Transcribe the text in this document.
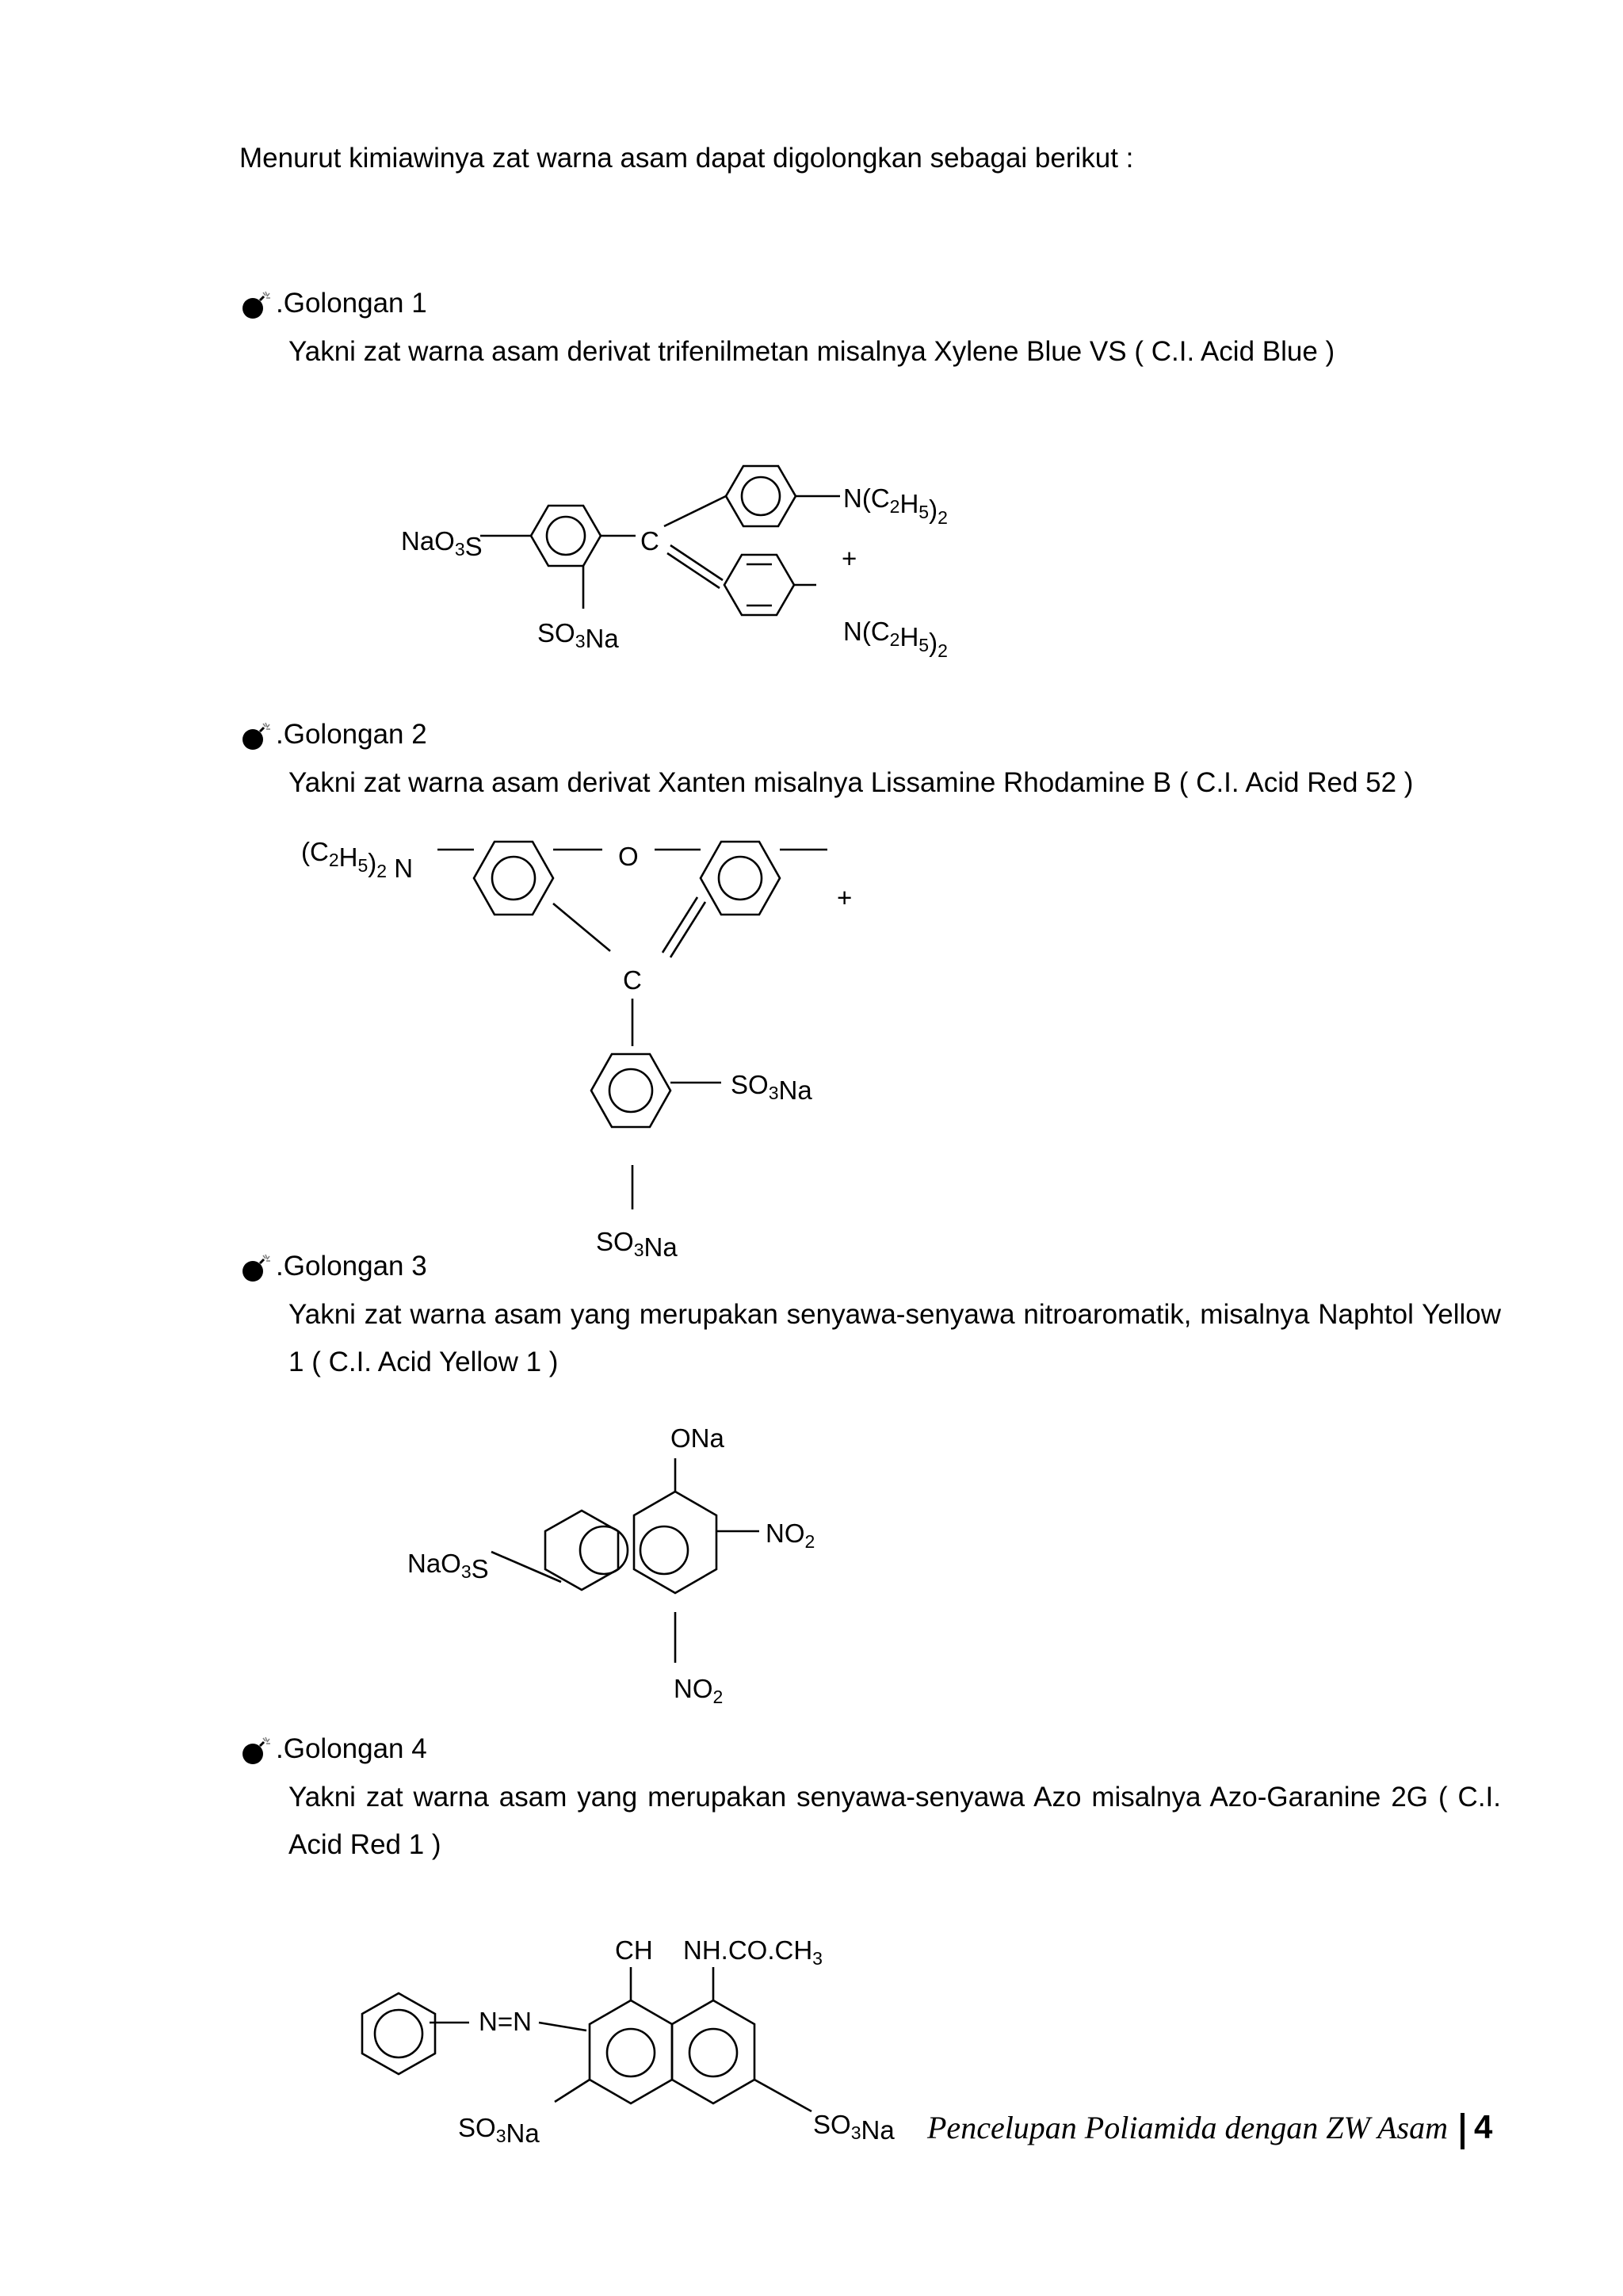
Menurut kimiawinya zat warna asam dapat digolongkan sebagai berikut :
.Golongan 1
Yakni zat warna asam derivat trifenilmetan misalnya Xylene Blue VS ( C.I. Acid Blue )
.Golongan 2
Yakni zat warna asam derivat Xanten misalnya Lissamine Rhodamine B ( C.I. Acid Red 52 )
.Golongan 3
Yakni zat warna asam yang merupakan senyawa-senyawa nitroaromatik, misalnya Naphtol Yellow 1 ( C.I. Acid Yellow 1 )
.Golongan 4
Yakni zat warna asam yang merupakan senyawa-senyawa Azo misalnya Azo-Garanine 2G ( C.I. Acid Red 1 )
NaO$_3$S
$SO_3Na$
C
$N(C_2H_5)_2$
+
$N(C_2H_5)_2$
$(C_2H_5)_2$ N	O
+
C
$SO_3Na$
$SO_3Na$
ONa
$NO_2$
NaO$_3$S
$NO_2$
N=N
CH $NH.CO.CH_3$
$SO_3Na$	$SO_3Na$ Pencelupan Poliamida dengan ZW Asam 4
